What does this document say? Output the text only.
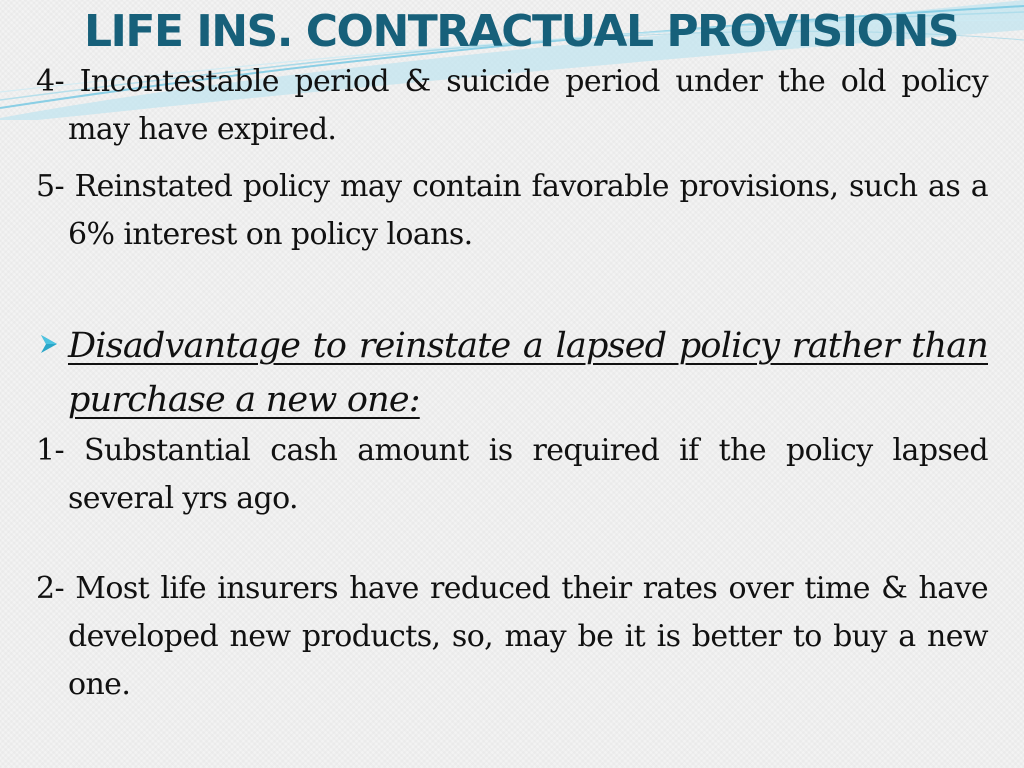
LIFE INS. CONTRACTUAL PROVISIONS

4- Incontestable period & suicide period under the old policy may have expired.

5- Reinstated policy may contain favorable provisions, such as a 6% interest on policy loans.

Disadvantage to reinstate a lapsed policy rather than purchase a new one:

1- Substantial cash amount is required if the policy lapsed several yrs ago.

2- Most life insurers have reduced their rates over time & have developed new products, so, may be it is better to buy a new one.
